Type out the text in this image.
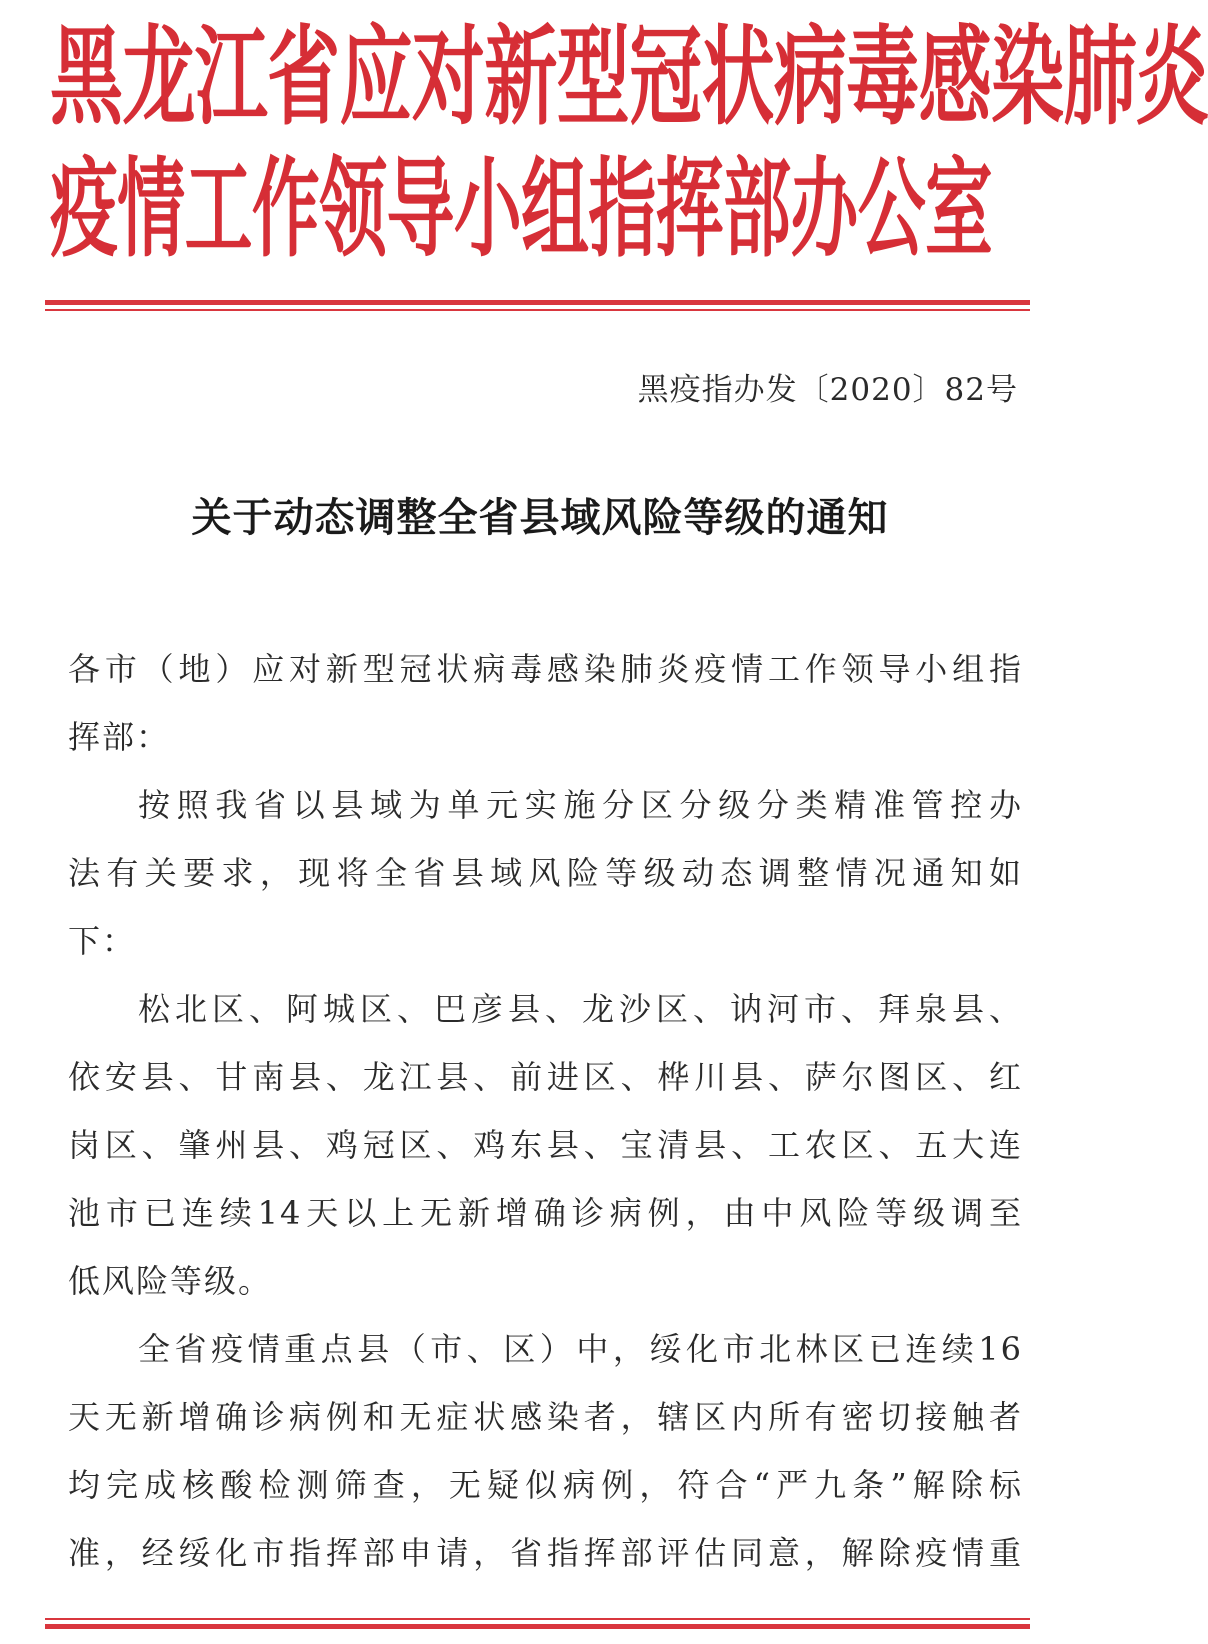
黑龙江省应对新型冠状病毒感染肺炎
疫情工作领导小组指挥部办公室
黑疫指办发〔2020〕82号
关于动态调整全省县域风险等级的通知
各市（地）应对新型冠状病毒感染肺炎疫情工作领导小组指
挥部：
按照我省以县域为单元实施分区分级分类精准管控办
法有关要求，现将全省县域风险等级动态调整情况通知如
下：
松北区、阿城区、巴彦县、龙沙区、讷河市、拜泉县、
依安县、甘南县、龙江县、前进区、桦川县、萨尔图区、红
岗区、肇州县、鸡冠区、鸡东县、宝清县、工农区、五大连
池市已连续14天以上无新增确诊病例，由中风险等级调至
低风险等级。
全省疫情重点县（市、区）中，绥化市北林区已连续16
天无新增确诊病例和无症状感染者，辖区内所有密切接触者
均完成核酸检测筛查，无疑似病例，符合“严九条”解除标
准，经绥化市指挥部申请，省指挥部评估同意，解除疫情重
